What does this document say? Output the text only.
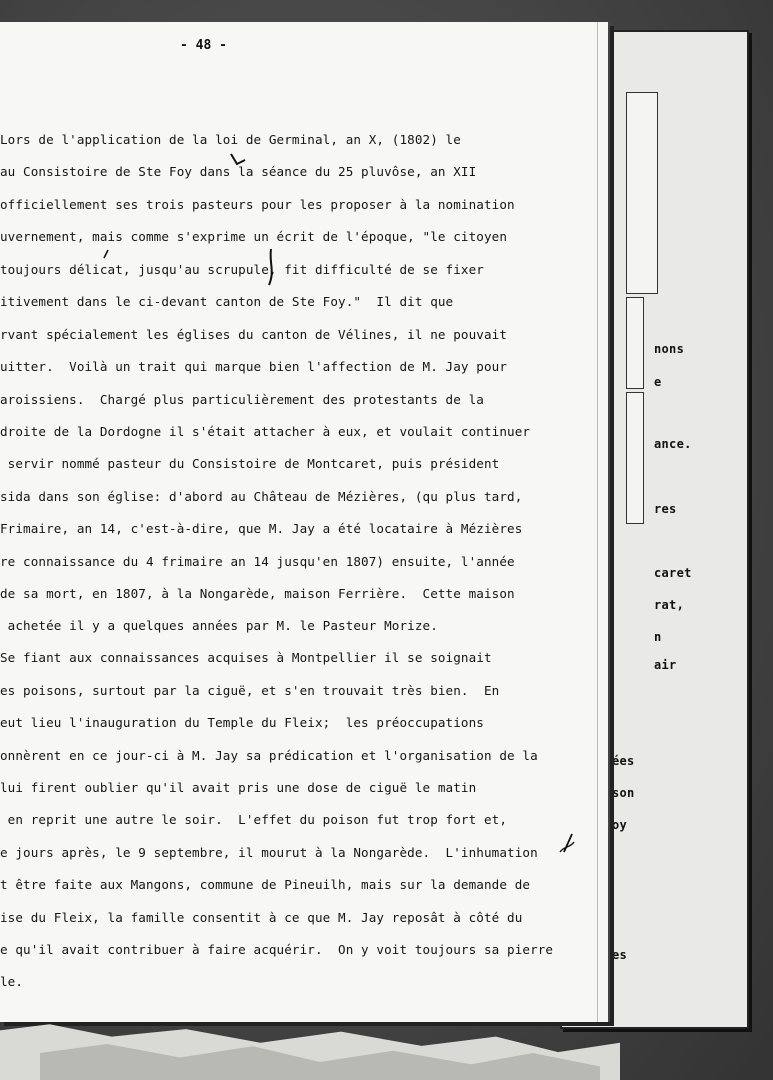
nons
e
ance.
res
caret
rat,
n
air
ées
son
oy
es
- 48 -
Lors de l'application de la loi de Germinal, an X, (1802) le
au Consistoire de Ste Foy dans la séance du 25 pluvôse, an XII
officiellement ses trois pasteurs pour les proposer à la nomination
uvernement, mais comme s'exprime un écrit de l'époque, "le citoyen
toujours délicat, jusqu'au scrupule, fit difficulté de se fixer
itivement dans le ci-devant canton de Ste Foy."  Il dit que
rvant spécialement les églises du canton de Vélines, il ne pouvait
uitter.  Voilà un trait qui marque bien l'affection de M. Jay pour
aroissiens.  Chargé plus particulièrement des protestants de la
droite de la Dordogne il s'était attacher à eux, et voulait continuer
servir nommé pasteur du Consistoire de Montcaret, puis président
sida dans son église: d'abord au Château de Mézières, (qu plus tard,
Frimaire, an 14, c'est-à-dire, que M. Jay a été locataire à Mézières
re connaissance du 4 frimaire an 14 jusqu'en 1807) ensuite, l'année
de sa mort, en 1807, à la Nongarède, maison Ferrière.  Cette maison
achetée il y a quelques années par M. le Pasteur Morize.
Se fiant aux connaissances acquises à Montpellier il se soignait
es poisons, surtout par la ciguë, et s'en trouvait très bien.  En
eut lieu l'inauguration du Temple du Fleix;  les préoccupations
onnèrent en ce jour-ci à M. Jay sa prédication et l'organisation de la
lui firent oublier qu'il avait pris une dose de ciguë le matin
en reprit une autre le soir.  L'effet du poison fut trop fort et,
e jours après, le 9 septembre, il mourut à la Nongarède.  L'inhumation
t être faite aux Mangons, commune de Pineuilh, mais sur la demande de
ise du Fleix, la famille consentit à ce que M. Jay reposât à côté du
e qu'il avait contribuer à faire acquérir.  On y voit toujours sa pierre
le.
